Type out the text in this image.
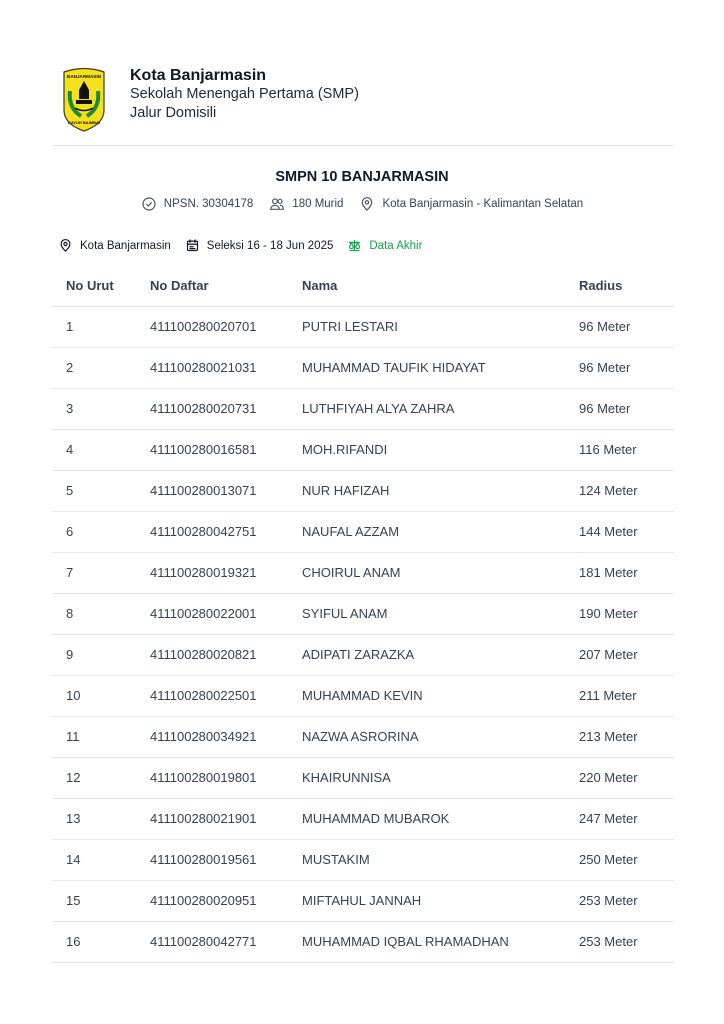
BANJARMASIN
KAYUH BAIMBAI
Kota Banjarmasin
Sekolah Menengah Pertama (SMP)
Jalur Domisili
SMPN 10 BANJARMASIN
NPSN. 30304178	180 Murid	Kota Banjarmasin - Kalimantan Selatan
Kota Banjarmasin	Seleksi 16 - 18 Jun 2025	Data Akhir
No Urut	No Daftar	Nama	Radius
1	411100280020701	PUTRI LESTARI	96 Meter
2	411100280021031	MUHAMMAD TAUFIK HIDAYAT	96 Meter
3	411100280020731	LUTHFIYAH ALYA ZAHRA	96 Meter
4	411100280016581	MOH.RIFANDI	116 Meter
5	411100280013071	NUR HAFIZAH	124 Meter
6	411100280042751	NAUFAL AZZAM	144 Meter
7	411100280019321	CHOIRUL ANAM	181 Meter
8	411100280022001	SYIFUL ANAM	190 Meter
9	411100280020821	ADIPATI ZARAZKA	207 Meter
10	411100280022501	MUHAMMAD KEVIN	211 Meter
11	411100280034921	NAZWA ASRORINA	213 Meter
12	411100280019801	KHAIRUNNISA	220 Meter
13	411100280021901	MUHAMMAD MUBAROK	247 Meter
14	411100280019561	MUSTAKIM	250 Meter
15	411100280020951	MIFTAHUL JANNAH	253 Meter
16	411100280042771	MUHAMMAD IQBAL RHAMADHAN	253 Meter
